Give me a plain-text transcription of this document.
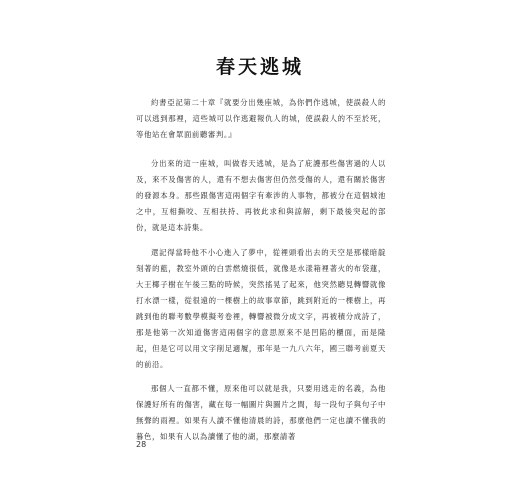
春天逃城

約書亞記第二十章『就要分出幾座城，為你們作逃城，使誤殺人的可以逃到那裡，這些城可以作逃避報仇人的城，使誤殺人的不至於死，等他站在會眾面前聽審判。』

分出來的這一座城，叫做春天逃城，是為了庇護那些傷害過的人以及，來不及傷害的人，還有不想去傷害但仍然受傷的人，還有關於傷害的發源本身。那些跟傷害這兩個字有牽涉的人事物，都被分在這個城池之中，互相撕咬、互相扶持、再彼此求和與諒解，剩下最後突起的部份，就是這本詩集。

還記得當時他不小心進入了夢中，從裡頭看出去的天空是那樣暗靛刻著的藍，教室外頭的白雲燃燒很低，就像是水漾箱裡著火的布袋蓮，大王椰子樹在午後三點的時候，突然搖晃了起來，他突然聽見轉響就像打水漂一樣，從很遠的一棵樹上的故事章節，跳到附近的一棵樹上，再跳到他的聯考數學模擬考卷裡，轉響被微分成文字，再被積分成詩了，那是他第一次知道傷害這兩個字的意思原來不是凹陷的櫃面，而是隆起，但是它可以用文字削足適履，那年是一九八六年，國三聯考前夏天的前沿。

那個人一直都不懂，原來他可以就是我，只要用逃走的名義，為他保護好所有的傷害，藏在每一幅圖片與圖片之間，每一段句子與句子中無聲的雨裡。如果有人讀不懂他清晨的詩，那麼他們一定也讀不懂我的暮色，如果有人以為讀懂了他的湖，那麼請著

28
